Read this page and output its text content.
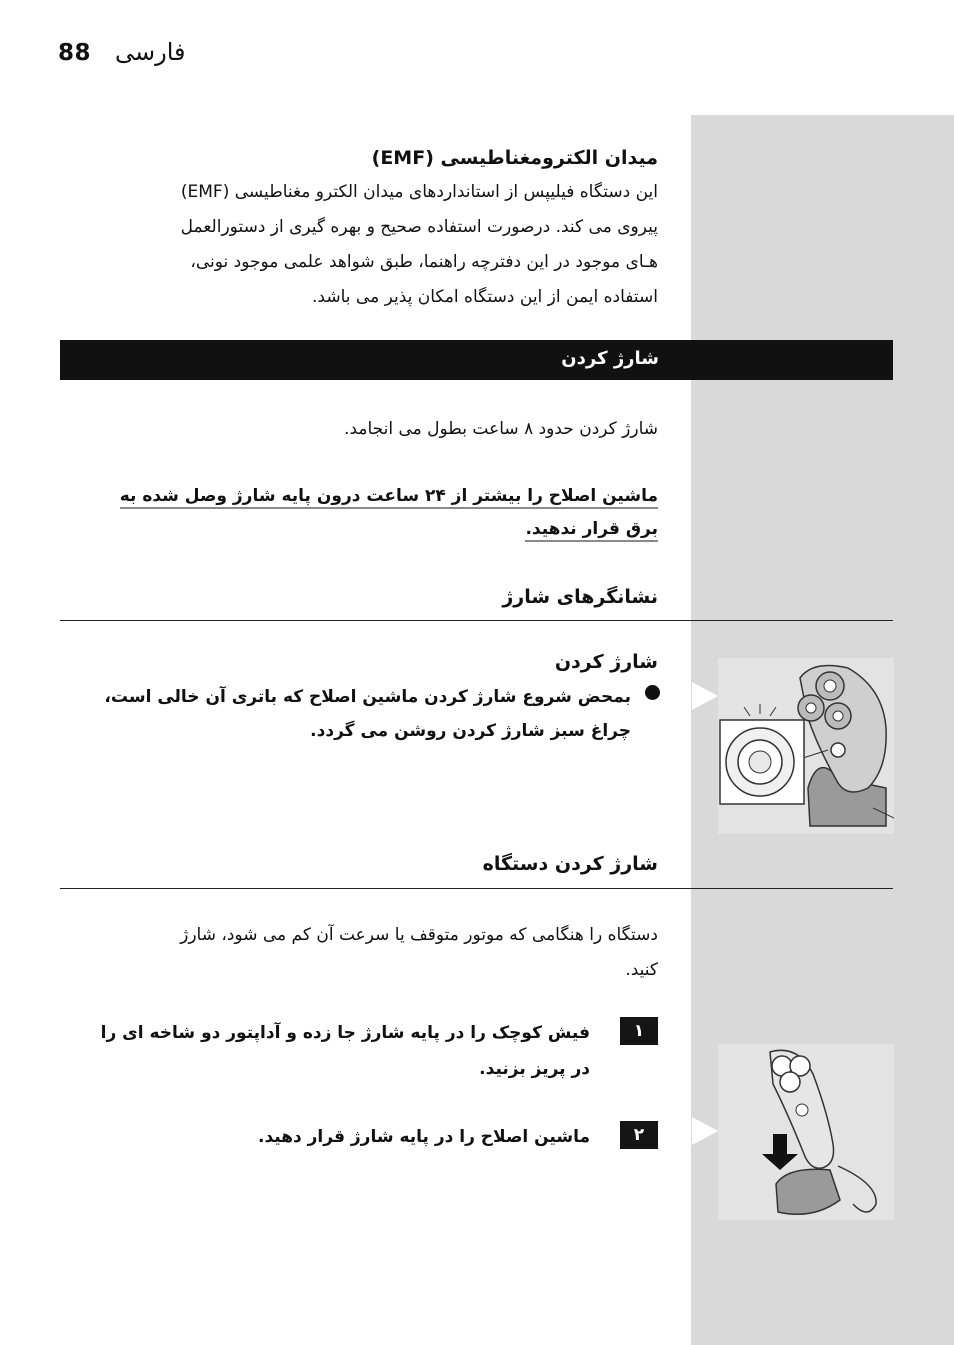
88 فارسی
میدان الکترومغناطیسی (EMF)
این دستگاه فیلیپس از استانداردهای میدان الکترو مغناطیسی (EMF)
پیروی می کند. درصورت استفاده صحیح و بهره گیری از دستورالعمل
هـای موجود در این دفترچه راهنما، طبق شواهد علمی موجود نونی،
استفاده ایمن از این دستگاه امکان پذیر می باشد.
شارژ کردن
شارژ کردن حدود ۸ ساعت بطول می انجامد.
ماشین اصلاح را بیشتر از ۲۴ ساعت درون پایه شارژ وصل شده به
برق قرار ندهید.
نشانگرهای شارژ
شارژ کردن
بمحض شروع شارژ کردن ماشین اصلاح که باتری آن خالی است،
چراغ سبز شارژ کردن روشن می گردد.
شارژ کردن دستگاه
دستگاه را هنگامی که موتور متوقف یا سرعت آن کم می شود، شارژ
کنید.
۱
فیش کوچک را در پایه شارژ جا زده و آداپتور دو شاخه ای را
در پریز بزنید.
۲
ماشین اصلاح را در پایه شارژ قرار دهید.
